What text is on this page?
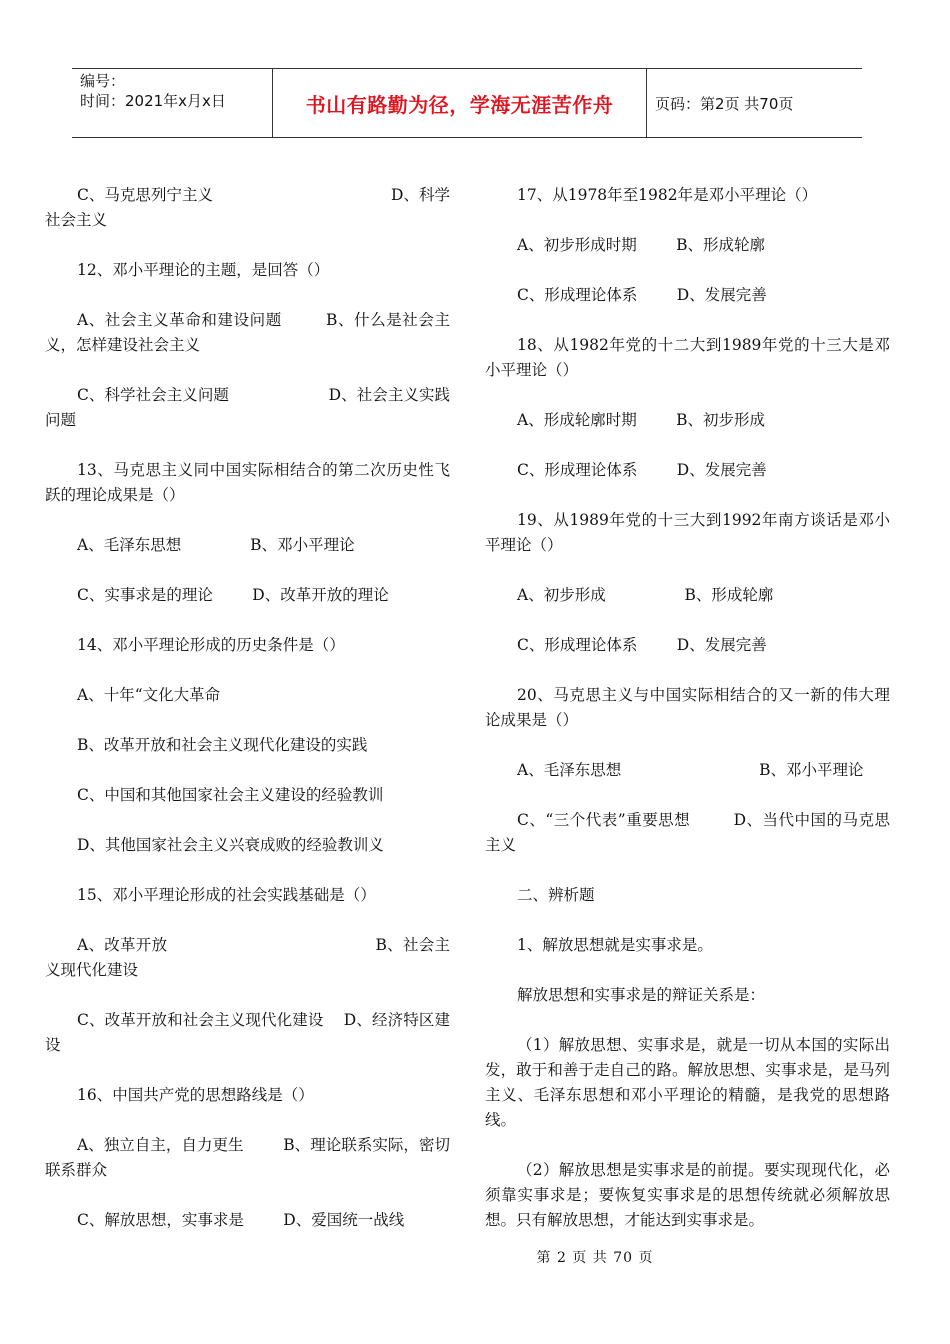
编号：
时间：2021年x月x日	书山有路勤为径，学海无涯苦作舟	页码：第2页 共70页

C、马克思列宁主义                                    D、科学社会主义

12、邓小平理论的主题，是回答（）

A、社会主义革命和建设问题        B、什么是社会主义，怎样建设社会主义

C、科学社会主义问题                    D、社会主义实践问题

13、马克思主义同中国实际相结合的第二次历史性飞跃的理论成果是（）

A、毛泽东思想              B、邓小平理论

C、实事求是的理论        D、改革开放的理论

14、邓小平理论形成的历史条件是（）

A、十年“文化大革命

B、改革开放和社会主义现代化建设的实践

C、中国和其他国家社会主义建设的经验教训

D、其他国家社会主义兴衰成败的经验教训义

15、邓小平理论形成的社会实践基础是（）

A、改革开放                                        B、社会主义现代化建设

C、改革开放和社会主义现代化建设    D、经济特区建设

16、中国共产党的思想路线是（）

A、独立自主，自力更生        B、理论联系实际，密切联系群众

C、解放思想，实事求是        D、爱国统一战线

17、从1978年至1982年是邓小平理论（）

A、初步形成时期        B、形成轮廓

C、形成理论体系        D、发展完善

18、从1982年党的十二大到1989年党的十三大是邓小平理论（）

A、形成轮廓时期        B、初步形成

C、形成理论体系        D、发展完善

19、从1989年党的十三大到1992年南方谈话是邓小平理论（）

A、初步形成                B、形成轮廓

C、形成理论体系        D、发展完善

20、马克思主义与中国实际相结合的又一新的伟大理论成果是（）

A、毛泽东思想                            B、邓小平理论

C、“三个代表”重要思想        D、当代中国的马克思主义

二、辨析题

1、解放思想就是实事求是。

解放思想和实事求是的辩证关系是：

（1）解放思想、实事求是，就是一切从本国的实际出发，敢于和善于走自己的路。解放思想、实事求是，是马列主义、毛泽东思想和邓小平理论的精髓，是我党的思想路线。

（2）解放思想是实事求是的前提。要实现现代化，必须靠实事求是；要恢复实事求是的思想传统就必须解放思想。只有解放思想，才能达到实事求是。

第 2 页 共 70 页
